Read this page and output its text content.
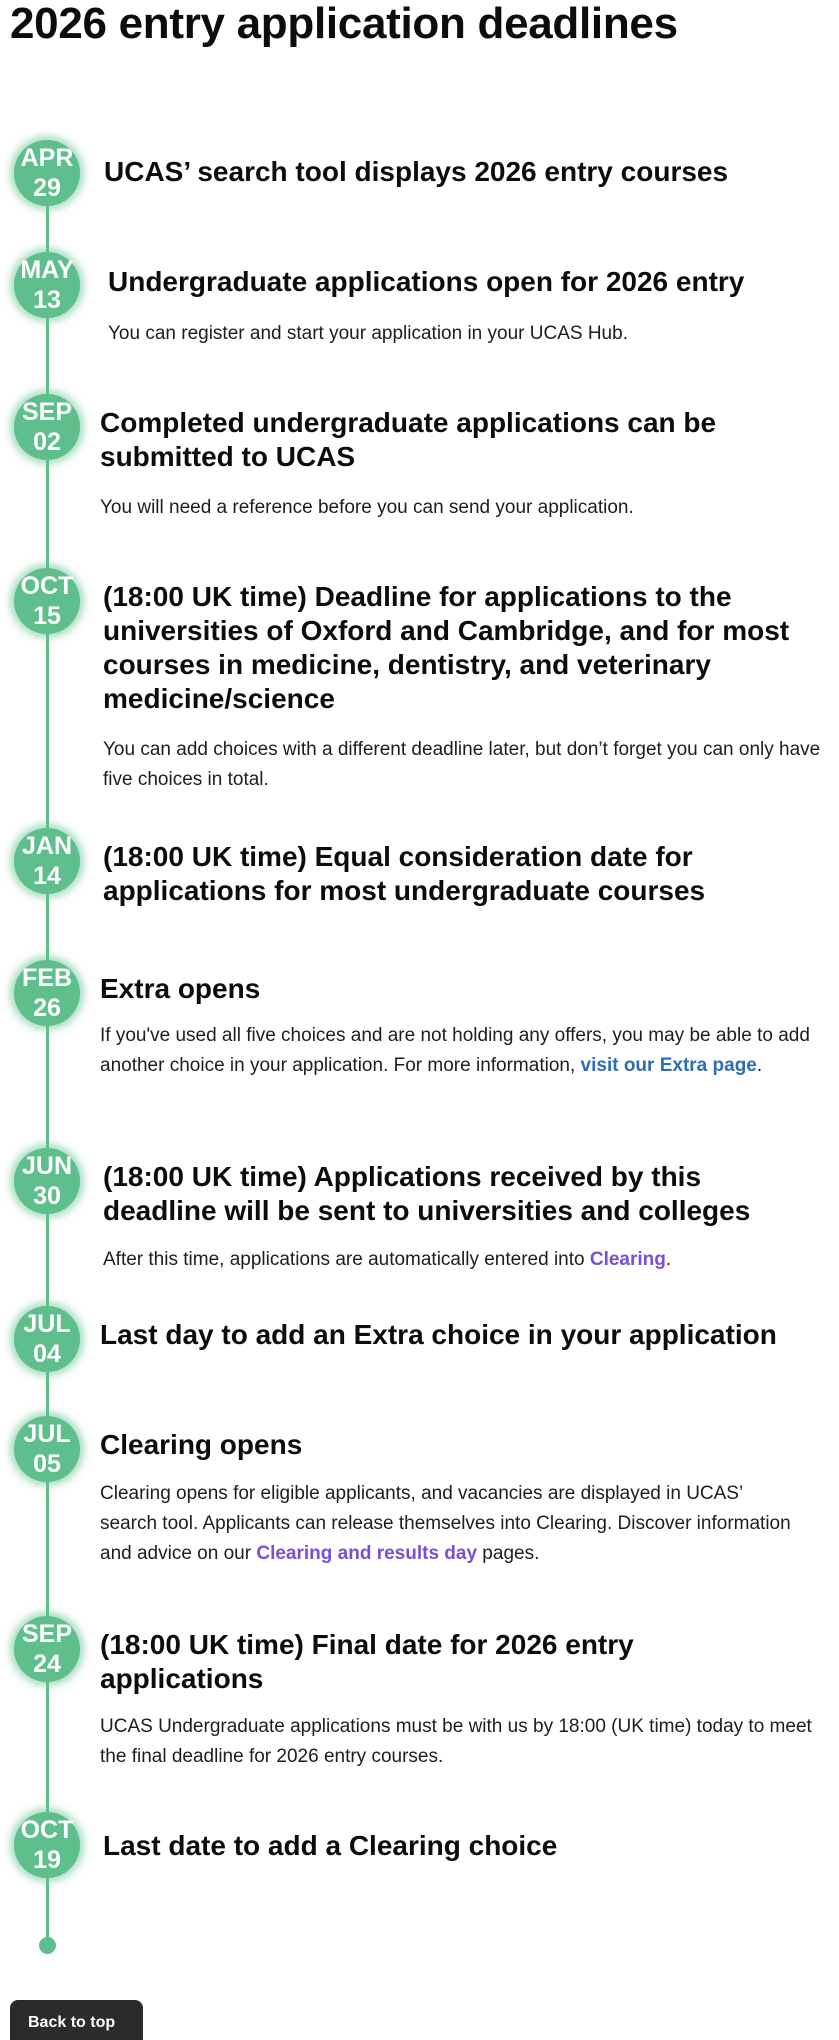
2026 entry application deadlines
APR
29
UCAS’ search tool displays 2026 entry courses
MAY
13
Undergraduate applications open for 2026 entry

You can register and start your application in your UCAS Hub.

SEP
02
Completed undergraduate applications can be submitted to UCAS

You will need a reference before you can send your application.

OCT
15
(18:00 UK time) Deadline for applications to the universities of Oxford and Cambridge, and for most courses in medicine, dentistry, and veterinary medicine/science

You can add choices with a different deadline later, but don’t forget you can only have five choices in total.

JAN
14
(18:00 UK time) Equal consideration date for applications for most undergraduate courses
FEB
26
Extra opens

If you've used all five choices and are not holding any offers, you may be able to add another choice in your application. For more information, visit our Extra page.

JUN
30
(18:00 UK time) Applications received by this deadline will be sent to universities and colleges

After this time, applications are automatically entered into Clearing.

JUL
04
Last day to add an Extra choice in your application
JUL
05
Clearing opens

Clearing opens for eligible applicants, and vacancies are displayed in UCAS’ search tool. Applicants can release themselves into Clearing. Discover information and advice on our Clearing and results day pages.

SEP
24
(18:00 UK time) Final date for 2026 entry applications

UCAS Undergraduate applications must be with us by 18:00 (UK time) today to meet the final deadline for 2026 entry courses.

OCT
19 Last date to add a Clearing choice
Back to top
